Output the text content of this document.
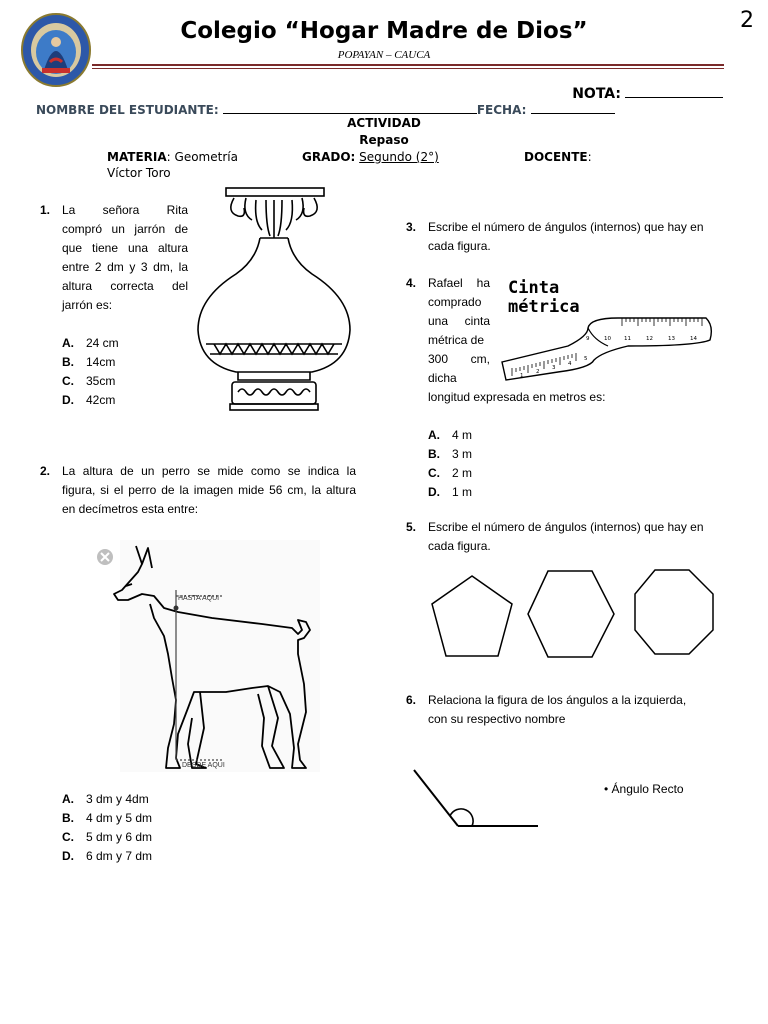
2
Colegio “Hogar Madre de Dios”
POPAYAN – CAUCA
NOTA:
NOMBRE DEL ESTUDIANTE:	FECHA:
ACTIVIDAD
Repaso
MATERIA: Geometría	GRADO: Segundo (2°)	DOCENTE:
Víctor Toro
1. La señora Rita
compró un jarrón de
que tiene una altura
entre 2 dm y 3 dm, la
altura correcta del
jarrón es:
A. 24 cm
B. 14cm
C. 35cm
D. 42cm
2. La altura de un perro se mide como se indica la
figura, si el perro de la imagen mide 56 cm, la altura
en decímetros esta entre:
HASTA AQUI
DESDE AQUI
A. 3 dm y 4dm
B. 4 dm y 5 dm
C. 5 dm y 6 dm
D. 6 dm y 7 dm
3. Escribe el número de ángulos (internos) que hay en
cada figura.
4. Rafael ha
comprado
una cinta
métrica de
300 cm,
dicha
longitud expresada en metros es:
A. 4 m
B. 3 m
C. 2 m
D. 1 m
Cinta
métrica
1
2
3
4
5
9	10 11	12	13	14
5. Escribe el número de ángulos (internos) que hay en
cada figura.
6. Relaciona la figura de los ángulos a la izquierda,
con su respectivo nombre
• Ángulo Recto
